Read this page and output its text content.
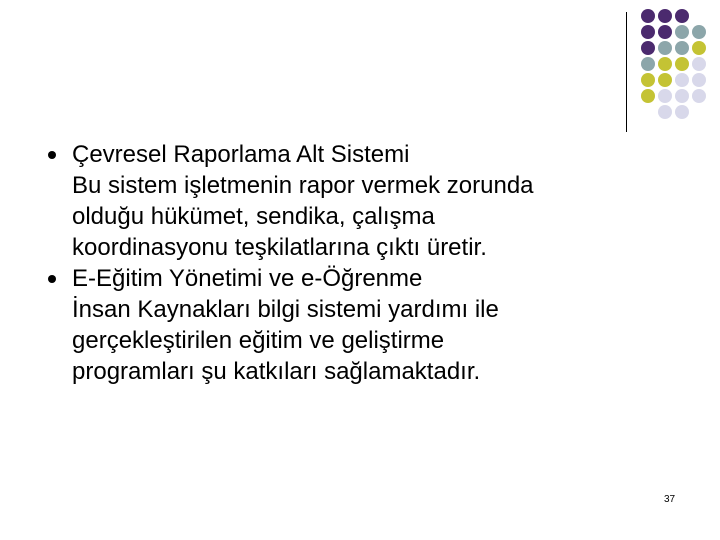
Çevresel Raporlama Alt Sistemi

Bu sistem işletmenin rapor vermek zorunda

olduğu hükümet, sendika, çalışma

koordinasyonu teşkilatlarına çıktı üretir.

E-Eğitim Yönetimi ve e-Öğrenme

İnsan Kaynakları bilgi sistemi yardımı ile

gerçekleştirilen eğitim ve geliştirme

programları şu katkıları sağlamaktadır.

37
